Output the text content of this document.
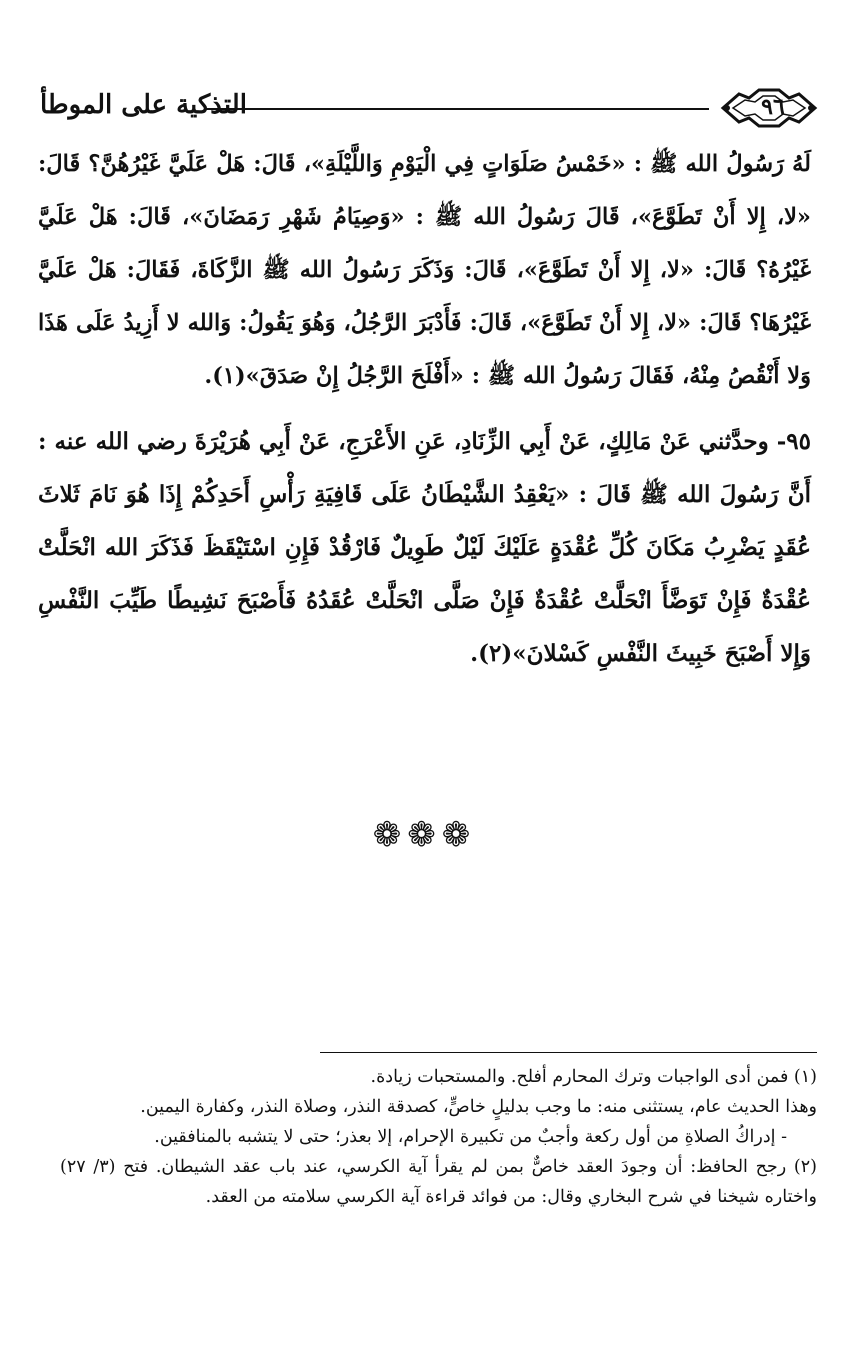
التذكية على الموطأ	٩٦

لَهُ رَسُولُ الله ﷺ : «خَمْسُ صَلَوَاتٍ فِي الْيَوْمِ وَاللَّيْلَةِ»، قَالَ: هَلْ عَلَيَّ غَيْرُهُنَّ؟ قَالَ: «لا، إِلا أَنْ تَطَوَّعَ»، قَالَ رَسُولُ الله ﷺ : «وَصِيَامُ شَهْرِ رَمَضَانَ»، قَالَ: هَلْ عَلَيَّ غَيْرُهُ؟ قَالَ: «لا، إِلا أَنْ تَطَوَّعَ»، قَالَ: وَذَكَرَ رَسُولُ الله ﷺ الزَّكَاةَ، فَقَالَ: هَلْ عَلَيَّ غَيْرُهَا؟ قَالَ: «لا، إِلا أَنْ تَطَوَّعَ»، قَالَ: فَأَدْبَرَ الرَّجُلُ، وَهُوَ يَقُولُ: وَالله لا أَزِيدُ عَلَى هَذَا وَلا أَنْقُصُ مِنْهُ، فَقَالَ رَسُولُ الله ﷺ : «أَفْلَحَ الرَّجُلُ إِنْ صَدَقَ»(١).

٩٥- وحدَّثني عَنْ مَالِكٍ، عَنْ أَبِي الزِّنَادِ، عَنِ الأَعْرَجِ، عَنْ أَبِي هُرَيْرَةَ رضي الله عنه : أَنَّ رَسُولَ الله ﷺ قَالَ : «يَعْقِدُ الشَّيْطَانُ عَلَى قَافِيَةِ رَأْسِ أَحَدِكُمْ إِذَا هُوَ نَامَ ثَلاثَ عُقَدٍ يَضْرِبُ مَكَانَ كُلِّ عُقْدَةٍ عَلَيْكَ لَيْلٌ طَوِيلٌ فَارْقُدْ فَإِنِ اسْتَيْقَظَ فَذَكَرَ الله انْحَلَّتْ عُقْدَةٌ فَإِنْ تَوَضَّأَ انْحَلَّتْ عُقْدَةٌ فَإِنْ صَلَّى انْحَلَّتْ عُقَدُهُ فَأَصْبَحَ نَشِيطًا طَيِّبَ النَّفْسِ وَإِلا أَصْبَحَ خَبِيثَ النَّفْسِ كَسْلانَ»(٢).

❁❁❁

(١) فمن أدى الواجبات وترك المحارم أفلح. والمستحبات زيادة.

وهذا الحديث عام، يستثنى منه: ما وجب بدليلٍ خاصٍّ، كصدقة النذر، وصلاة النذر، وكفارة اليمين.

- إدراكُ الصلاةِ من أول ركعة وأجبٌ من تكبيرة الإحرام، إلا بعذر؛ حتى لا يتشبه بالمنافقين.

(٢) رجح الحافظ: أن وجودَ العقد خاصٌّ بمن لم يقرأ آية الكرسي، عند باب عقد الشيطان. فتح (٣/ ٢٧) واختاره شيخنا في شرح البخاري وقال: من فوائد قراءة آية الكرسي سلامته من العقد.
